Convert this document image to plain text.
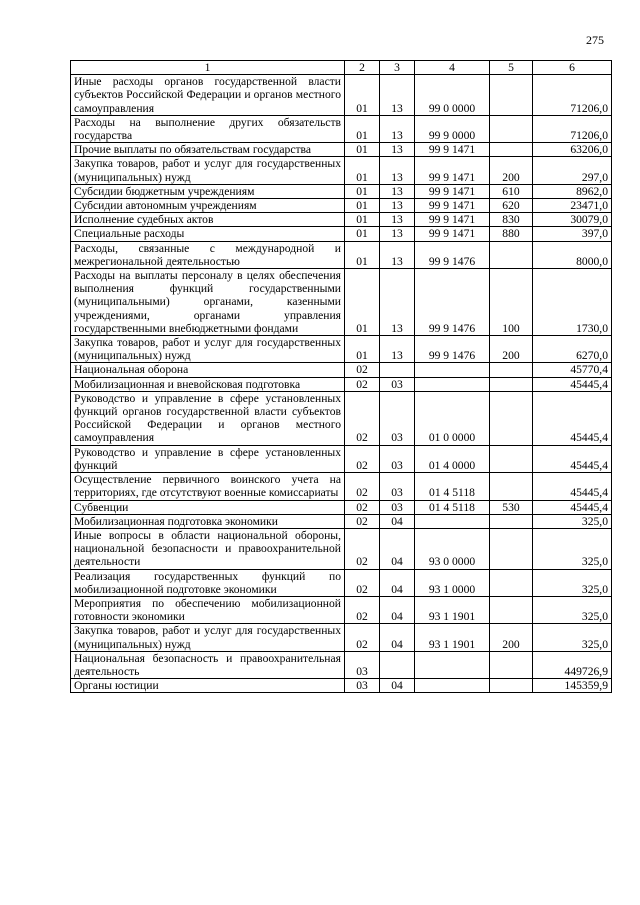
275
1	2	3	4	5	6
Иные расходы органов государственной власти субъектов Российской Федерации и органов местного самоуправления	01	13	99 0 0000		71206,0
Расходы на выполнение других обязательств государства	01	13	99 9 0000		71206,0
Прочие выплаты по обязательствам государства	01	13	99 9 1471		63206,0
Закупка товаров, работ и услуг для государственных (муниципальных) нужд	01	13	99 9 1471	200	297,0
Субсидии бюджетным учреждениям	01	13	99 9 1471	610	8962,0
Субсидии автономным учреждениям	01	13	99 9 1471	620	23471,0
Исполнение судебных актов	01	13	99 9 1471	830	30079,0
Специальные расходы	01	13	99 9 1471	880	397,0
Расходы, связанные с международной и межрегиональной деятельностью	01	13	99 9 1476		8000,0
Расходы на выплаты персоналу в целях обеспечения выполнения функций государственными (муниципальными) органами, казенными учреждениями, органами управления государственными внебюджетными фондами	01	13	99 9 1476	100	1730,0
Закупка товаров, работ и услуг для государственных (муниципальных) нужд	01	13	99 9 1476	200	6270,0
Национальная оборона	02				45770,4
Мобилизационная и вневойсковая подготовка	02	03			45445,4
Руководство и управление в сфере установленных функций органов государственной власти субъектов Российской Федерации и органов местного самоуправления	02	03	01 0 0000		45445,4
Руководство и управление в сфере установленных функций	02	03	01 4 0000		45445,4
Осуществление первичного воинского учета на территориях, где отсутствуют военные комиссариаты	02	03	01 4 5118		45445,4
Субвенции	02	03	01 4 5118	530	45445,4
Мобилизационная подготовка экономики	02	04			325,0
Иные вопросы в области национальной обороны, национальной безопасности и правоохранительной деятельности	02	04	93 0 0000		325,0
Реализация государственных функций по мобилизационной подготовке экономики	02	04	93 1 0000		325,0
Мероприятия по обеспечению мобилизационной готовности экономики	02	04	93 1 1901		325,0
Закупка товаров, работ и услуг для государственных (муниципальных) нужд	02	04	93 1 1901	200	325,0
Национальная безопасность и правоохранительная деятельность	03				449726,9
Органы юстиции	03	04			145359,9
